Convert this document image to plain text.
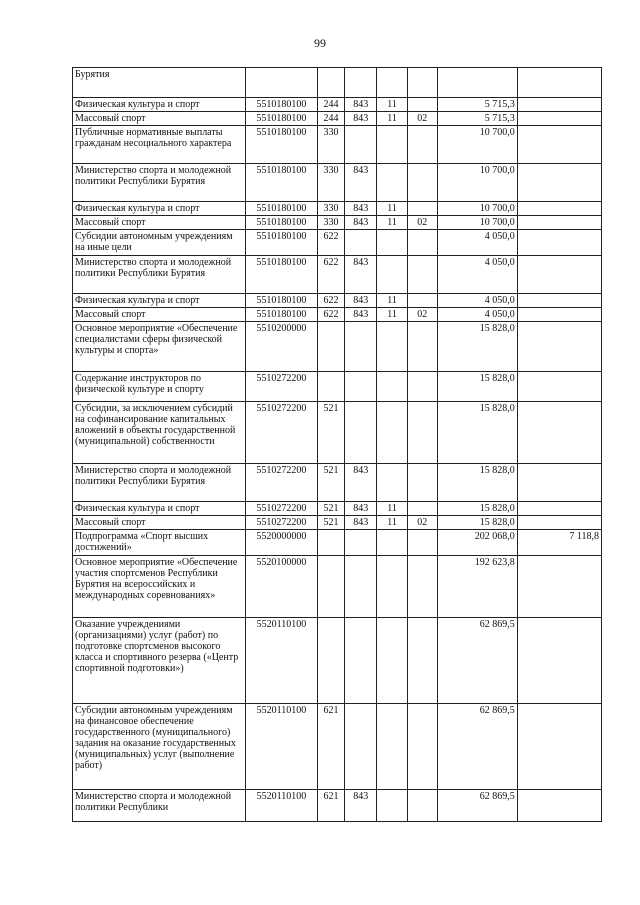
99
Бурятия							
Физическая культура и спорт	5510180100	244	843	11		5 715,3	
Массовый спорт	5510180100	244	843	11	02	5 715,3	
Публичные нормативные выплаты гражданам несоциального характера	5510180100	330				10 700,0	
Министерство спорта и молодежной политики Республики Бурятия	5510180100	330	843			10 700,0	
Физическая культура и спорт	5510180100	330	843	11		10 700,0	
Массовый спорт	5510180100	330	843	11	02	10 700,0	
Субсидии автономным учреждениям на иные цели	5510180100	622				4 050,0	
Министерство спорта и молодежной политики Республики Бурятия	5510180100	622	843			4 050,0	
Физическая культура и спорт	5510180100	622	843	11		4 050,0	
Массовый спорт	5510180100	622	843	11	02	4 050,0	
Основное мероприятие «Обеспечение специалистами сферы физической культуры и спорта»	5510200000					15 828,0	
Содержание инструкторов по физической культуре и спорту	5510272200					15 828,0	
Субсидии, за исключением субсидий на софинансирование капитальных вложений в объекты государственной (муниципальной) собственности	5510272200	521				15 828,0	
Министерство спорта и молодежной политики Республики Бурятия	5510272200	521	843			15 828,0	
Физическая культура и спорт	5510272200	521	843	11		15 828,0	
Массовый спорт	5510272200	521	843	11	02	15 828,0	
Подпрограмма «Спорт высших достижений»	5520000000					202 068,0	7 118,8
Основное мероприятие «Обеспечение участия спортсменов Республики Бурятия на всероссийских и международных соревнованиях»	5520100000					192 623,8	
Оказание учреждениями (организациями) услуг (работ) по подготовке спортсменов высокого класса и спортивного резерва («Центр спортивной подготовки»)	5520110100					62 869,5	
Субсидии автономным учреждениям на финансовое обеспечение государственного (муниципального) задания на оказание государственных (муниципальных) услуг (выполнение работ)	5520110100	621				62 869,5	
Министерство спорта и молодежной политики Республики	5520110100	621	843			62 869,5	
